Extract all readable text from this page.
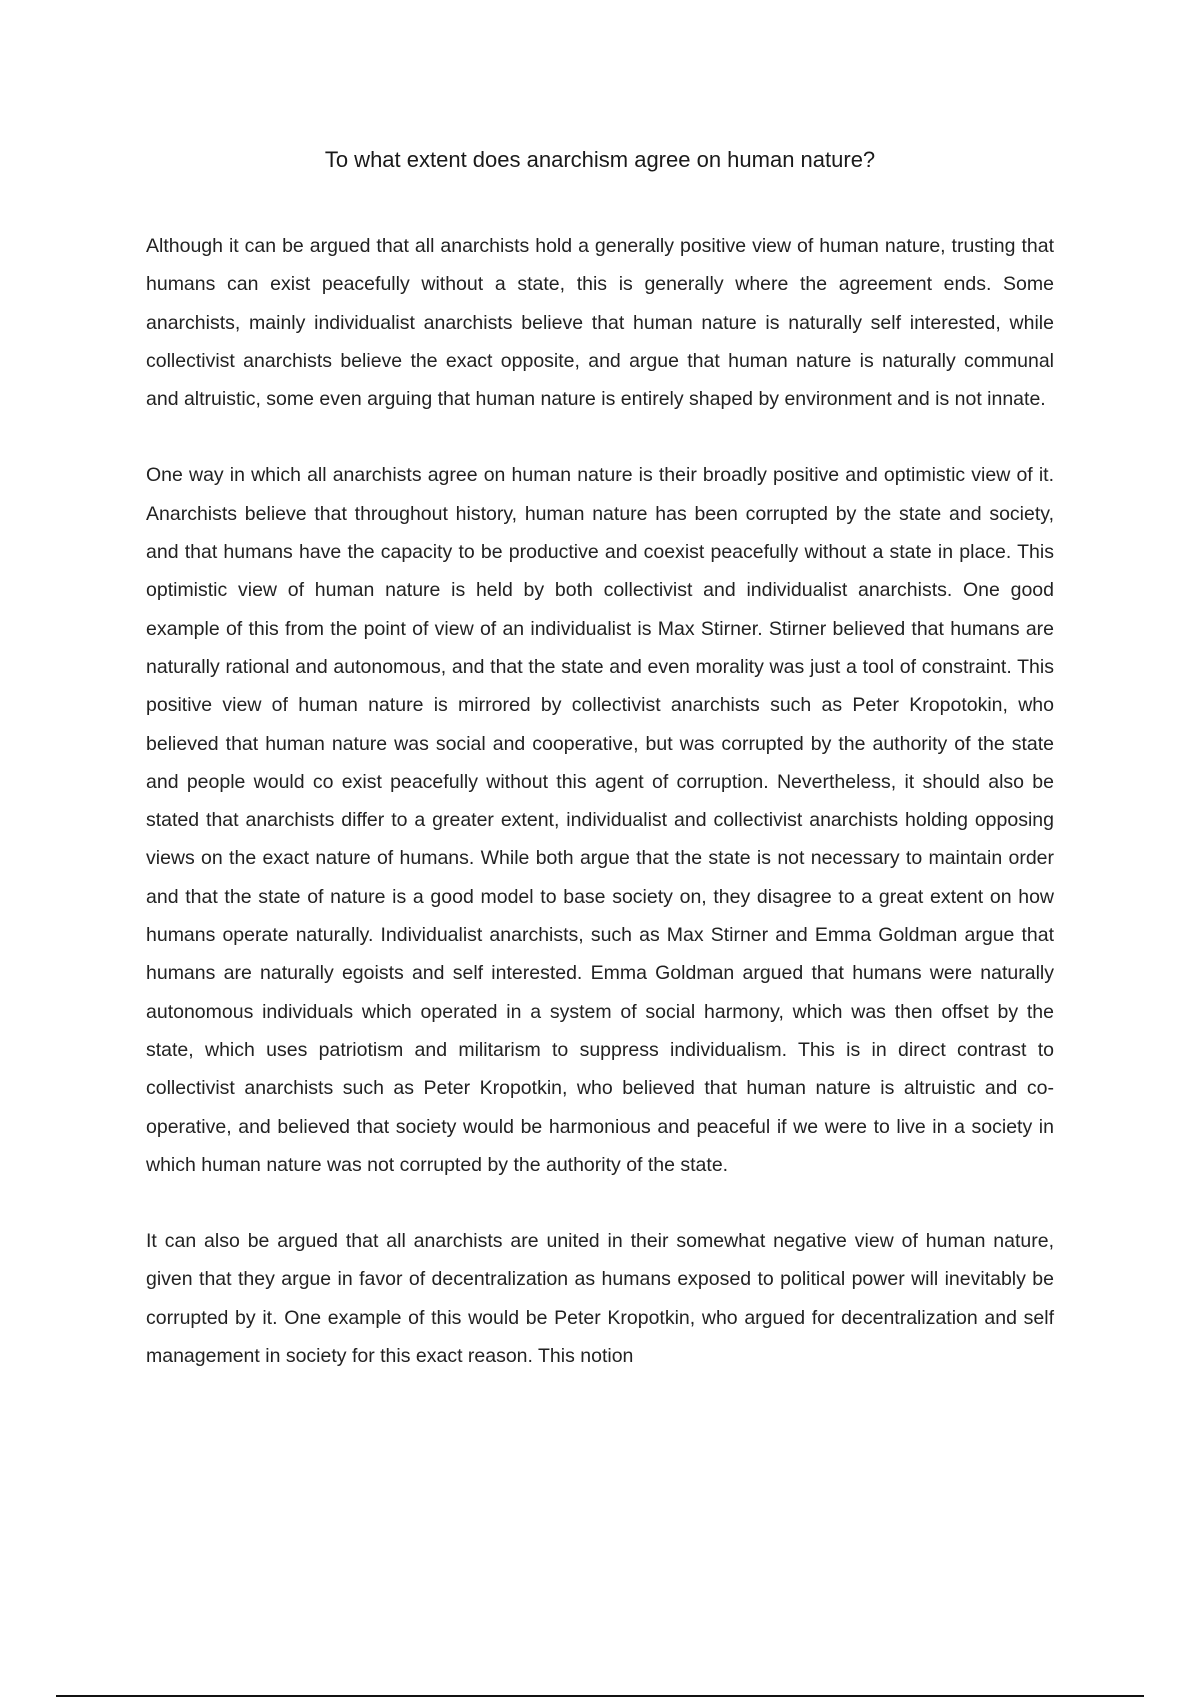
To what extent does anarchism agree on human nature?

Although it can be argued that all anarchists hold a generally positive view of human nature, trusting that humans can exist peacefully without a state, this is generally where the agreement ends. Some anarchists, mainly individualist anarchists believe that human nature is naturally self interested, while collectivist anarchists believe the exact opposite, and argue that human nature is naturally communal and altruistic, some even arguing that human nature is entirely shaped by environment and is not innate.

One way in which all anarchists agree on human nature is their broadly positive and optimistic view of it. Anarchists believe that throughout history, human nature has been corrupted by the state and society, and that humans have the capacity to be productive and coexist peacefully without a state in place. This optimistic view of human nature is held by both collectivist and individualist anarchists. One good example of this from the point of view of an individualist is Max Stirner. Stirner believed that humans are naturally rational and autonomous, and that the state and even morality was just a tool of constraint. This positive view of human nature is mirrored by collectivist anarchists such as Peter Kropotokin, who believed that human nature was social and cooperative, but was corrupted by the authority of the state and people would co exist peacefully without this agent of corruption. Nevertheless, it should also be stated that anarchists differ to a greater extent, individualist and collectivist anarchists holding opposing views on the exact nature of humans. While both argue that the state is not necessary to maintain order and that the state of nature is a good model to base society on, they disagree to a great extent on how humans operate naturally. Individualist anarchists, such as Max Stirner and Emma Goldman argue that humans are naturally egoists and self interested. Emma Goldman argued that humans were naturally autonomous individuals which operated in a system of social harmony, which was then offset by the state, which uses patriotism and militarism to suppress individualism. This is in direct contrast to collectivist anarchists such as Peter Kropotkin, who believed that human nature is altruistic and co-operative, and believed that society would be harmonious and peaceful if we were to live in a society in which human nature was not corrupted by the authority of the state.

It can also be argued that all anarchists are united in their somewhat negative view of human nature, given that they argue in favor of decentralization as humans exposed to political power will inevitably be corrupted by it. One example of this would be Peter Kropotkin, who argued for decentralization and self management in society for this exact reason. This notion
